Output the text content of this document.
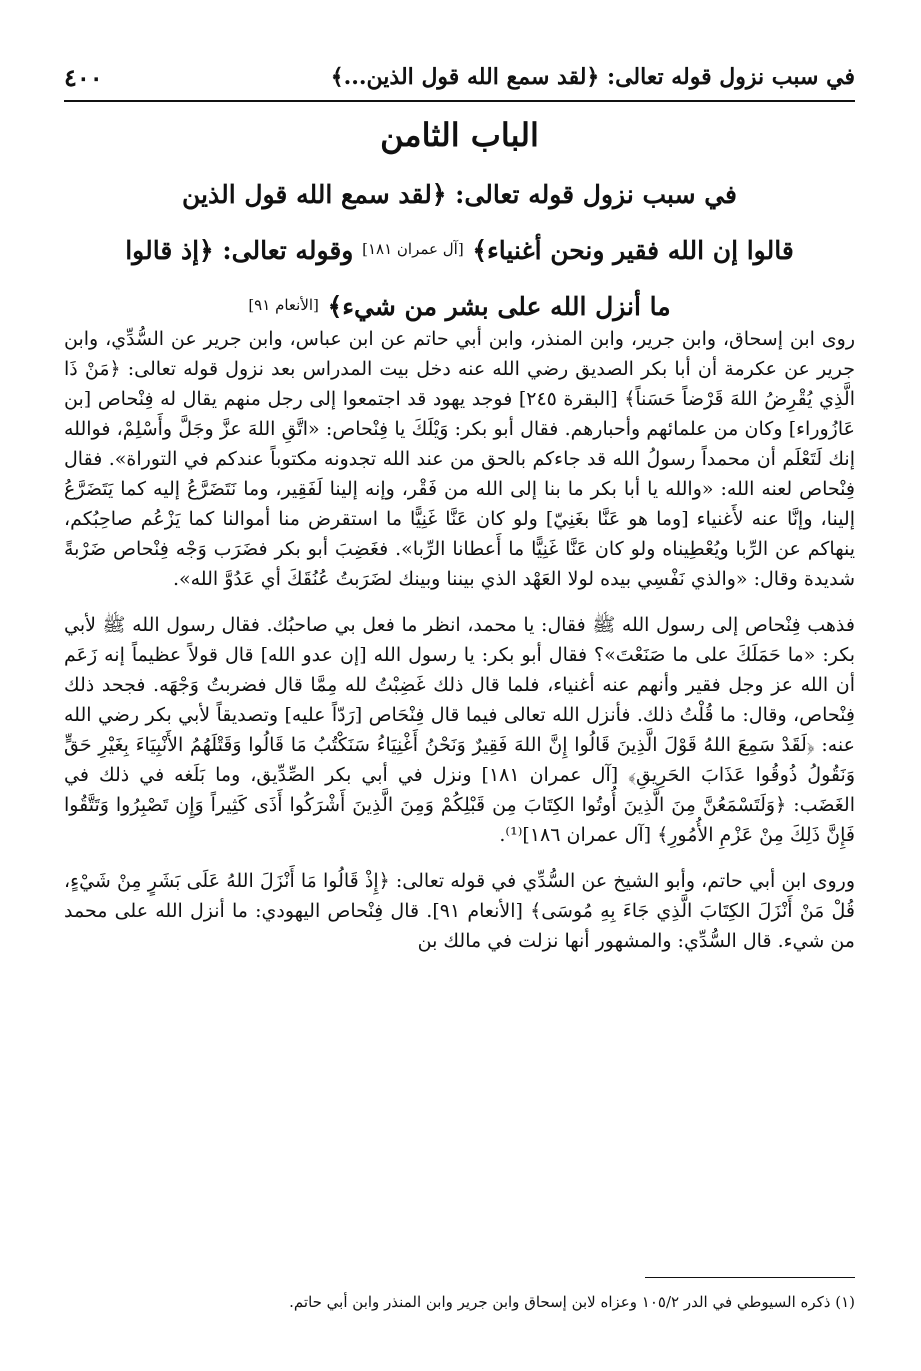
في سبب نزول قوله تعالى: ﴿لقد سمع الله قول الذين...﴾
٤٠٠
الباب الثامن
في سبب نزول قوله تعالى: ﴿لقد سمع الله قول الذين
قالوا إن الله فقير ونحن أغنياء﴾ [آل عمران ١٨١] وقوله تعالى: ﴿إذ قالوا
ما أنزل الله على بشر من شيء﴾ [الأنعام ٩١]

روى ابن إسحاق، وابن جرير، وابن المنذر، وابن أبي حاتم عن ابن عباس، وابن جرير عن السُّدِّي، وابن جرير عن عكرمة أن أبا بكر الصديق رضي الله عنه دخل بيت المدراس بعد نزول قوله تعالى: ﴿مَنْ ذَا الَّذِي يُقْرِضُ اللهَ قَرْضاً حَسَناً﴾ [البقرة ٢٤٥] فوجد يهود قد اجتمعوا إلى رجل منهم يقال له فِنْحاص [بن عَازُوراء] وكان من علمائهم وأحبارهم. فقال أبو بكر: وَيْلَكَ يا فِنْحاص: «اتَّقِ اللهَ عزَّ وجَلَّ وأَسْلِمْ، فوالله إنك لَتَعْلَم أن محمداً رسولُ الله قد جاءكم بالحق من عند الله تجدونه مكتوباً عندكم في التوراة». فقال فِنْحاص لعنه الله: «والله يا أبا بكر ما بنا إلى الله من فَقْر، وإنه إلينا لَفَقِير، وما نَتَضَرَّعُ إليه كما يَتَضَرَّعُ إلينا، وإنَّا عنه لأَغنياء [وما هو عَنَّا بغَنِيّ] ولو كان عَنَّا غَنِيًّا ما استقرض منا أموالنا كما يَزْعُم صاحِبُكم، ينهاكم عن الرِّبا ويُعْطِيناه ولو كان عَنَّا غَنِيًّا ما أَعطانا الرِّبا». فغَضِبَ أبو بكر فضَرَب وَجْه فِنْحاص ضَرْبةً شديدة وقال: «والذي نَفْسِي بيده لولا العَهْد الذي بيننا وبينك لضَرَبتُ عُنُقَكَ أي عَدُوَّ الله».

فذهب فِنْحاص إلى رسول الله ﷺ فقال: يا محمد، انظر ما فعل بي صاحبُك. فقال رسول الله ﷺ لأبي بكر: «ما حَمَلَكَ على ما صَنَعْتَ»؟ فقال أبو بكر: يا رسول الله [إن عدو الله] قال قولاً عظيماً إنه زَعَم أن الله عز وجل فقير وأنهم عنه أغنياء، فلما قال ذلك غَضِبْتُ لله مِمَّا قال فضربتُ وَجْهَه. فجحد ذلك فِنْحاص، وقال: ما قُلْتُ ذلك. فأنزل الله تعالى فيما قال فِنْحَاص [رَدّاً عليه] وتصديقاً لأبي بكر رضي الله عنه: ﴿لَقَدْ سَمِعَ اللهُ قَوْلَ الَّذِينَ قَالُوا إِنَّ اللهَ فَقِيرٌ وَنَحْنُ أَغْنِيَاءُ سَنَكْتُبُ مَا قَالُوا وَقَتْلَهُمُ الأَنْبِيَاءَ بِغَيْرِ حَقٍّ وَنَقُولُ ذُوقُوا عَذَابَ الحَرِيقِ﴾ [آل عمران ١٨١] ونزل في أبي بكر الصِّدِّيق، وما بَلَغه في ذلك في الغَضَب: ﴿وَلَتَسْمَعُنَّ مِنَ الَّذِينَ أُوتُوا الكِتَابَ مِن قَبْلِكُمْ وَمِنَ الَّذِينَ أَشْرَكُوا أَذَى كَثِيراً وَإِن تَصْبِرُوا وَتَتَّقُوا فَإِنَّ ذَلِكَ مِنْ عَزْمِ الأُمُورِ﴾ [آل عمران ١٨٦]⁽¹⁾.

وروى ابن أبي حاتم، وأبو الشيخ عن السُّدِّي في قوله تعالى: ﴿إِذْ قَالُوا مَا أَنْزَلَ اللهُ عَلَى بَشَرٍ مِنْ شَيْءٍ، قُلْ مَنْ أَنْزَلَ الكِتَابَ الَّذِي جَاءَ بِهِ مُوسَى﴾ [الأنعام ٩١]. قال فِنْحاص اليهودي: ما أنزل الله على محمد من شيء. قال السُّدِّي: والمشهور أنها نزلت في مالك بن

(١) ذكره السيوطي في الدر ١٠٥/٢ وعزاه لابن إسحاق وابن جرير وابن المنذر وابن أبي حاتم.
